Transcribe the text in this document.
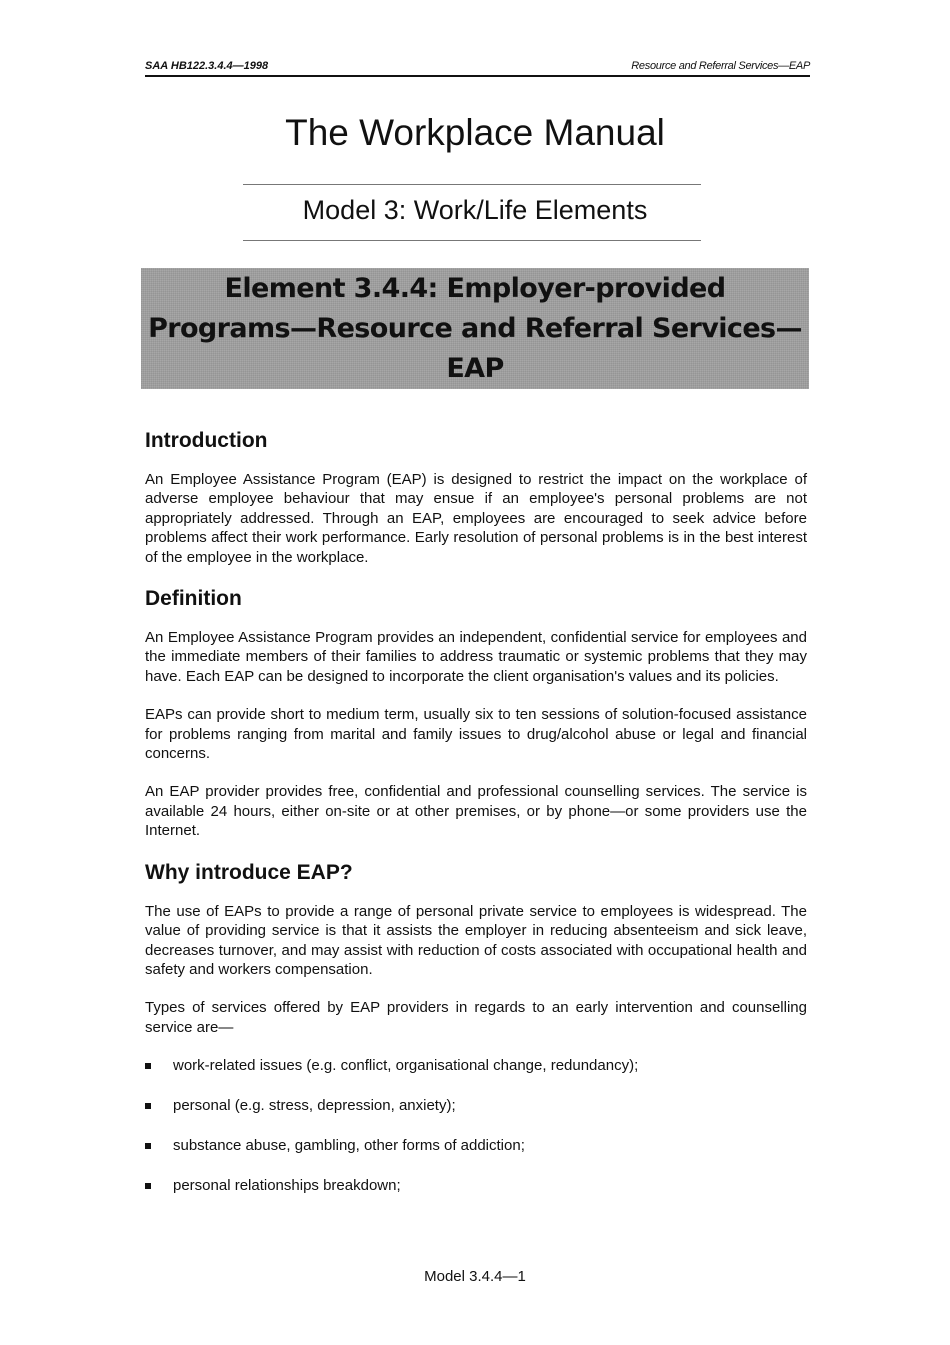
SAA HB122.3.4.4—1998	Resource and Referral Services—EAP
The Workplace Manual
Model 3: Work/Life Elements
Element 3.4.4: Employer-provided
Programs—Resource and Referral Services—
EAP
Introduction

An Employee Assistance Program (EAP) is designed to restrict the impact on the workplace of adverse employee behaviour that may ensue if an employee's personal problems are not appropriately addressed. Through an EAP, employees are encouraged to seek advice before problems affect their work performance. Early resolution of personal problems is in the best interest of the employee in the workplace.

Definition

An Employee Assistance Program provides an independent, confidential service for employees and the immediate members of their families to address traumatic or systemic problems that they may have. Each EAP can be designed to incorporate the client organisation's values and its policies.

EAPs can provide short to medium term, usually six to ten sessions of solution-focused assistance for problems ranging from marital and family issues to drug/alcohol abuse or legal and financial concerns.

An EAP provider provides free, confidential and professional counselling services. The service is available 24 hours, either on-site or at other premises, or by phone—or some providers use the Internet.

Why introduce EAP?

The use of EAPs to provide a range of personal private service to employees is widespread. The value of providing service is that it assists the employer in reducing absenteeism and sick leave, decreases turnover, and may assist with reduction of costs associated with occupational health and safety and workers compensation.

Types of services offered by EAP providers in regards to an early intervention and counselling service are—

work-related issues (e.g. conflict, organisational change, redundancy);
personal (e.g. stress, depression, anxiety);
substance abuse, gambling, other forms of addiction;
personal relationships breakdown;
Model 3.4.4—1
